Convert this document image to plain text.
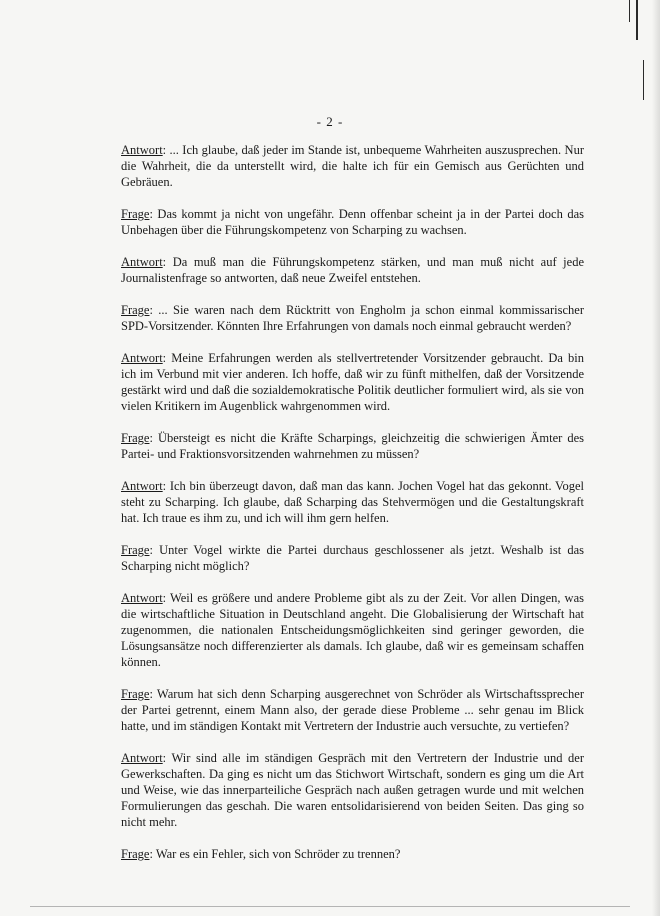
- 2 -

Antwort: ... Ich glaube, daß jeder im Stande ist, unbequeme Wahrheiten auszusprechen. Nur die Wahrheit, die da unterstellt wird, die halte ich für ein Gemisch aus Gerüchten und Gebräuen.

Frage: Das kommt ja nicht von ungefähr. Denn offenbar scheint ja in der Partei doch das Unbehagen über die Führungskompetenz von Scharping zu wachsen.

Antwort: Da muß man die Führungskompetenz stärken, und man muß nicht auf jede Journalistenfrage so antworten, daß neue Zweifel entstehen.

Frage: ... Sie waren nach dem Rücktritt von Engholm ja schon einmal kommissarischer SPD-Vorsitzender. Könnten Ihre Erfahrungen von damals noch einmal gebraucht werden?

Antwort: Meine Erfahrungen werden als stellvertretender Vorsitzender gebraucht. Da bin ich im Verbund mit vier anderen. Ich hoffe, daß wir zu fünft mithelfen, daß der Vorsitzende gestärkt wird und daß die sozialdemokratische Politik deutlicher formuliert wird, als sie von vielen Kritikern im Augenblick wahrgenommen wird.

Frage: Übersteigt es nicht die Kräfte Scharpings, gleichzeitig die schwierigen Ämter des Partei- und Fraktionsvorsitzenden wahrnehmen zu müssen?

Antwort: Ich bin überzeugt davon, daß man das kann. Jochen Vogel hat das gekonnt. Vogel steht zu Scharping. Ich glaube, daß Scharping das Stehvermögen und die Gestaltungskraft hat. Ich traue es ihm zu, und ich will ihm gern helfen.

Frage: Unter Vogel wirkte die Partei durchaus geschlossener als jetzt. Weshalb ist das Scharping nicht möglich?

Antwort: Weil es größere und andere Probleme gibt als zu der Zeit. Vor allen Dingen, was die wirtschaftliche Situation in Deutschland angeht. Die Globalisierung der Wirtschaft hat zugenommen, die nationalen Entscheidungsmöglichkeiten sind geringer geworden, die Lösungsansätze noch differenzierter als damals. Ich glaube, daß wir es gemeinsam schaffen können.

Frage: Warum hat sich denn Scharping ausgerechnet von Schröder als Wirtschaftssprecher der Partei getrennt, einem Mann also, der gerade diese Probleme ... sehr genau im Blick hatte, und im ständigen Kontakt mit Vertretern der Industrie auch versuchte, zu vertiefen?

Antwort: Wir sind alle im ständigen Gespräch mit den Vertretern der Industrie und der Gewerkschaften. Da ging es nicht um das Stichwort Wirtschaft, sondern es ging um die Art und Weise, wie das innerparteiliche Gespräch nach außen getragen wurde und mit welchen Formulierungen das geschah. Die waren entsolidarisierend von beiden Seiten. Das ging so nicht mehr.

Frage: War es ein Fehler, sich von Schröder zu trennen?
